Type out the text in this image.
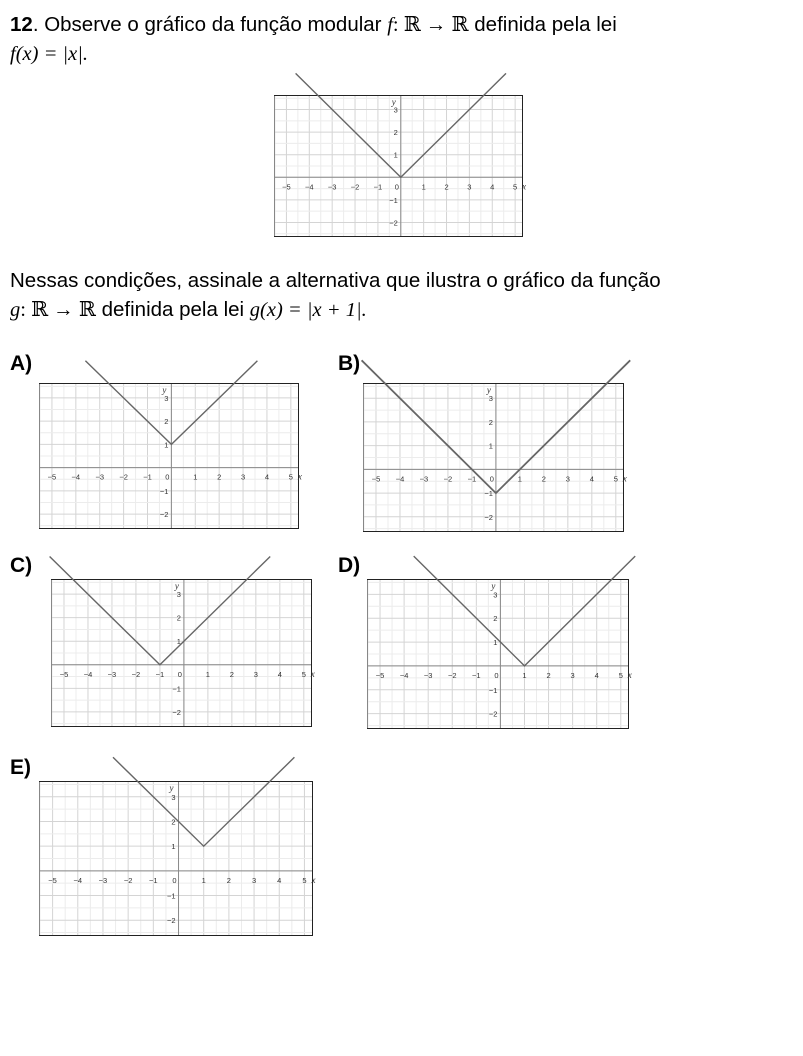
12. Observe o gráfico da função modular f: ℝ → ℝ definida pela lei
f(x) = |x|.
−5 −4 −3 −2 −1 0	1 2 3 4 5
3
2
1
−1
−2
x
y
Nessas condições, assinale a alternativa que ilustra o gráfico da função
g: ℝ → ℝ definida pela lei g(x) = |x + 1|.
A)
−5 −4 −3 −2 −1 0	1	2	3	4	5
3
2
1
−1
−2
x
y
B)
−5 −4 −3 −2 −1 0	1	2	3	4	5
3
2
1
−1
−2
x
y
C)
−5 −4 −3 −2 −1 0	1	2	3	4	5
3
2
1
−1
−2
x
y
D)
−5 −4 −3 −2 −1 0	1	2	3	4	5
3
2
1
−1
−2
x
y
E)
−5 −4 −3 −2 −1 0	1	2	3	4	5
3
2
1
−1
−2
x
y
